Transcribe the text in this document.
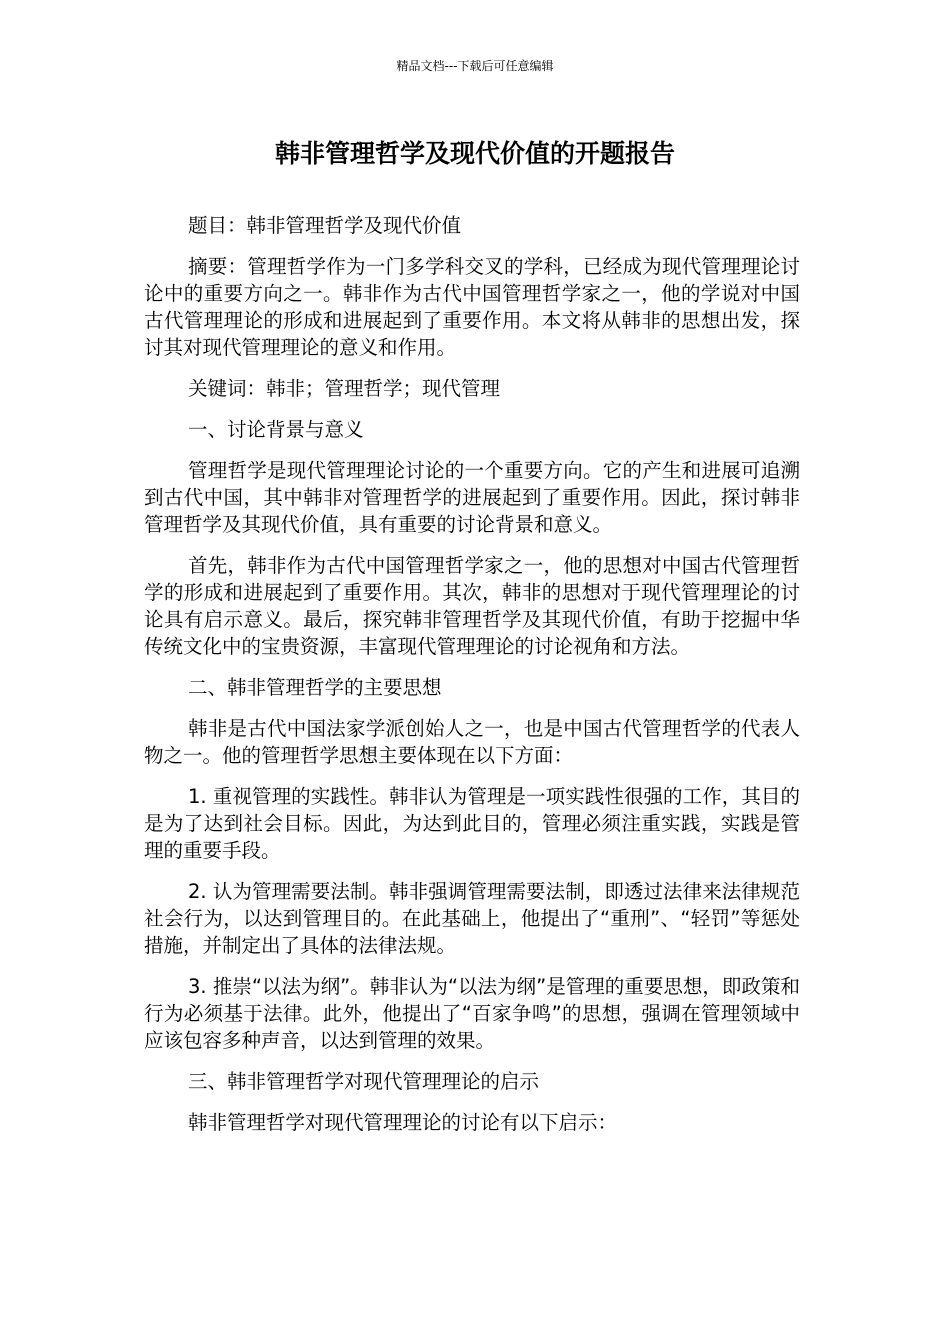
精品文档---下载后可任意编辑
韩非管理哲学及现代价值的开题报告

题目：韩非管理哲学及现代价值

摘要：管理哲学作为一门多学科交叉的学科，已经成为现代管理理论讨论中的重要方向之一。韩非作为古代中国管理哲学家之一，他的学说对中国古代管理理论的形成和进展起到了重要作用。本文将从韩非的思想出发，探讨其对现代管理理论的意义和作用。

关键词：韩非；管理哲学；现代管理

一、讨论背景与意义

管理哲学是现代管理理论讨论的一个重要方向。它的产生和进展可追溯到古代中国，其中韩非对管理哲学的进展起到了重要作用。因此，探讨韩非管理哲学及其现代价值，具有重要的讨论背景和意义。

首先，韩非作为古代中国管理哲学家之一，他的思想对中国古代管理哲学的形成和进展起到了重要作用。其次，韩非的思想对于现代管理理论的讨论具有启示意义。最后，探究韩非管理哲学及其现代价值，有助于挖掘中华传统文化中的宝贵资源，丰富现代管理理论的讨论视角和方法。

二、韩非管理哲学的主要思想

韩非是古代中国法家学派创始人之一，也是中国古代管理哲学的代表人物之一。他的管理哲学思想主要体现在以下方面：

1. 重视管理的实践性。韩非认为管理是一项实践性很强的工作，其目的是为了达到社会目标。因此，为达到此目的，管理必须注重实践，实践是管理的重要手段。

2. 认为管理需要法制。韩非强调管理需要法制，即透过法律来法律规范社会行为，以达到管理目的。在此基础上，他提出了“重刑”、“轻罚”等惩处措施，并制定出了具体的法律法规。

3. 推崇“以法为纲”。韩非认为“以法为纲”是管理的重要思想，即政策和行为必须基于法律。此外，他提出了“百家争鸣”的思想，强调在管理领域中应该包容多种声音，以达到管理的效果。

三、韩非管理哲学对现代管理理论的启示

韩非管理哲学对现代管理理论的讨论有以下启示：
